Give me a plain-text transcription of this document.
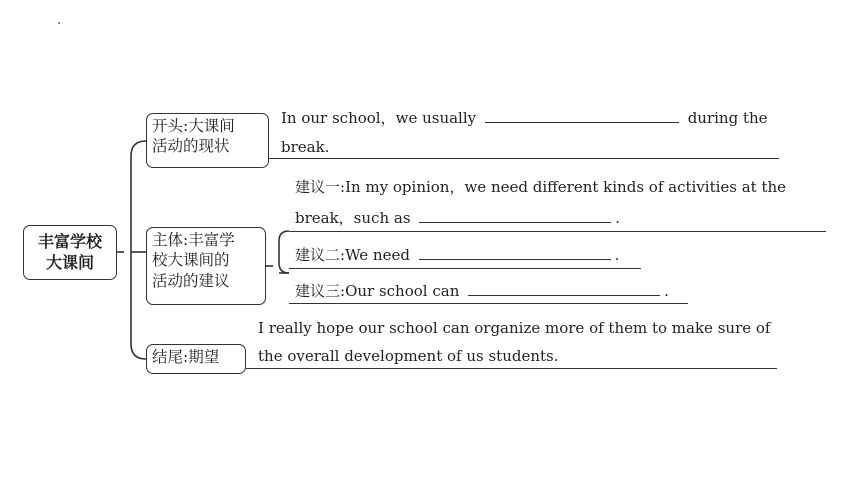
丰富学校
大课间
开头:大课间
活动的现状
In our school，we usually	during the
break.
主体:丰富学
校大课间的
活动的建议
建议一:In my opinion，we need different kinds of activities at the
break，such as	.
建议二:We need	.
建议三:Our school can	.
结尾:期望
I really hope our school can organize more of them to make sure of
the overall development of us students.
